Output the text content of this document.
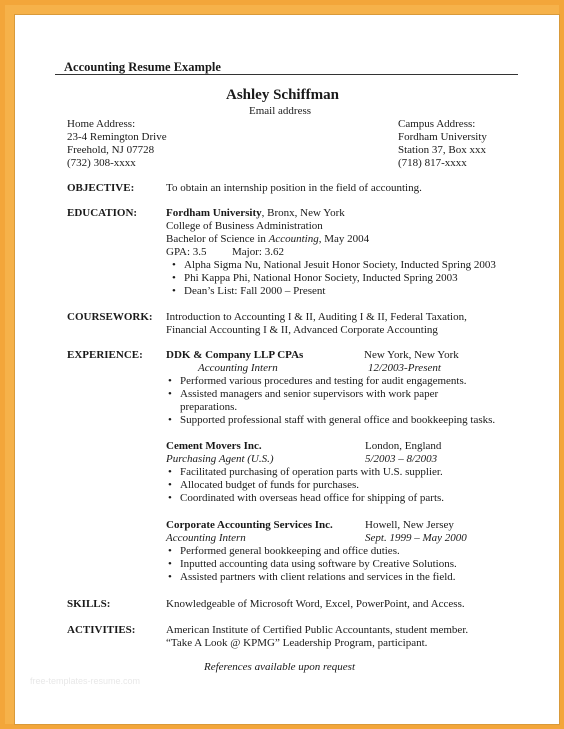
Accounting Resume Example
Ashley Schiffman
Email address
Home Address:
23-4 Remington Drive
Freehold, NJ 07728
(732) 308-xxxx
Campus Address:
Fordham University
Station 37, Box xxx
(718) 817-xxxx
OBJECTIVE:	To obtain an internship position in the field of accounting.
EDUCATION:	Fordham University, Bronx, New York
College of Business Administration
Bachelor of Science in Accounting, May 2004
GPA: 3.5 Major: 3.62
• Alpha Sigma Nu, National Jesuit Honor Society, Inducted Spring 2003
• Phi Kappa Phi, National Honor Society, Inducted Spring 2003
• Dean’s List: Fall 2000 – Present
COURSEWORK: Introduction to Accounting I & II, Auditing I & II, Federal Taxation,
Financial Accounting I & II, Advanced Corporate Accounting
EXPERIENCE: DDK & Company LLP CPAs	New York, New York
Accounting Intern	12/2003-Present
• Performed various procedures and testing for audit engagements.
• Assisted managers and senior supervisors with work paper
preparations.
• Supported professional staff with general office and bookkeeping tasks.
Cement Movers Inc.	London, England
Purchasing Agent (U.S.)	5/2003 – 8/2003
• Facilitated purchasing of operation parts with U.S. supplier.
• Allocated budget of funds for purchases.
• Coordinated with overseas head office for shipping of parts.
Corporate Accounting Services Inc.	Howell, New Jersey
Accounting Intern	Sept. 1999 – May 2000
• Performed general bookkeeping and office duties.
• Inputted accounting data using software by Creative Solutions.
• Assisted partners with client relations and services in the field.
SKILLS:	Knowledgeable of Microsoft Word, Excel, PowerPoint, and Access.
ACTIVITIES:	American Institute of Certified Public Accountants, student member.
“Take A Look @ KPMG” Leadership Program, participant.
References available upon request
free-templates-resume.com
